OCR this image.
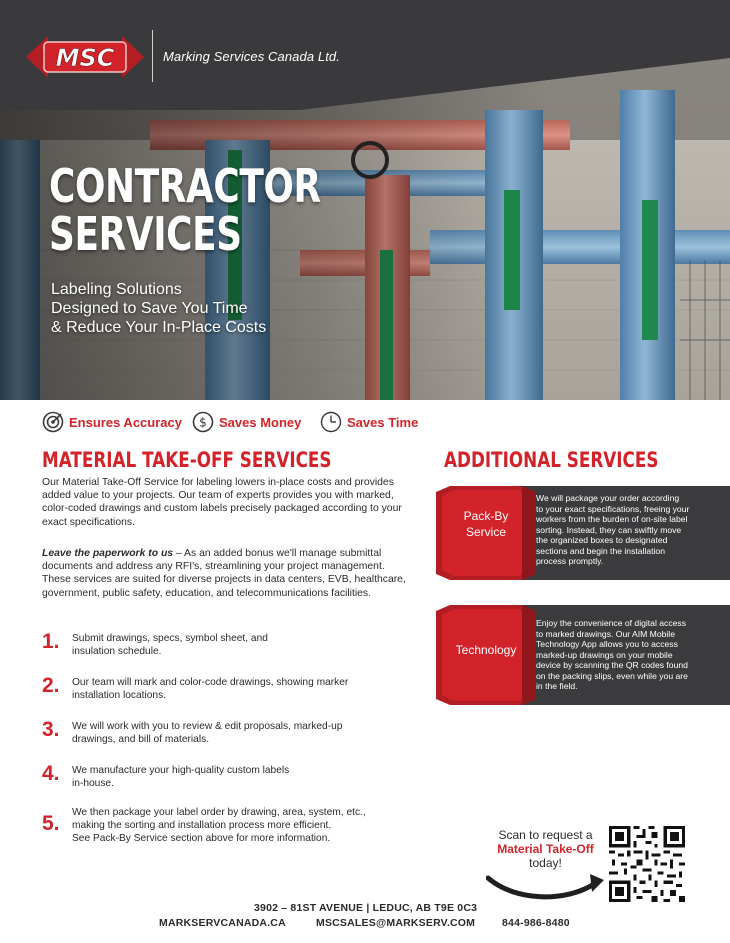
MSC	Marking Services Canada Ltd.
CONTRACTOR
SERVICES
Labeling Solutions
Designed to Save You Time
& Reduce Your In-Place Costs
Ensures Accuracy $ Saves Money	Saves Time
MATERIAL TAKE-OFF SERVICES
Our Material Take-Off Service for labeling lowers in-place costs and provides
added value to your projects. Our team of experts provides you with marked,
color-coded drawings and custom labels precisely packaged according to your
exact specifications.
Leave the paperwork to us – As an added bonus we'll manage submittal
documents and address any RFI's, streamlining your project management.
These services are suited for diverse projects in data centers, EVB, healthcare,
government, public safety, education, and telecommunications facilities.
1.	Submit drawings, specs, symbol sheet, and
insulation schedule.
2.	Our team will mark and color-code drawings, showing marker
installation locations.
3.	We will work with you to review & edit proposals, marked-up
drawings, and bill of materials.
4.	We manufacture your high-quality custom labels
in-house.
5.	We then package your label order by drawing, area, system, etc.,
making the sorting and installation process more efficient.
See Pack-By Service section above for more information.
ADDITIONAL SERVICES
Pack-By
Service
We will package your order according
to your exact specifications, freeing your
workers from the burden of on-site label
sorting. Instead, they can swiftly move
the organized boxes to designated
sections and begin the installation
process promptly.
Technology
Enjoy the convenience of digital access
to marked drawings. Our AIM Mobile
Technology App allows you to access
marked-up drawings on your mobile
device by scanning the QR codes found
on the packing slips, even while you are
in the field.
Scan to request a
Material Take-Off
today!
3902 – 81ST AVENUE | LEDUC, AB T9E 0C3
MARKSERVCANADA.CA	MSCSALES@MARKSERV.COM	844-986-8480
